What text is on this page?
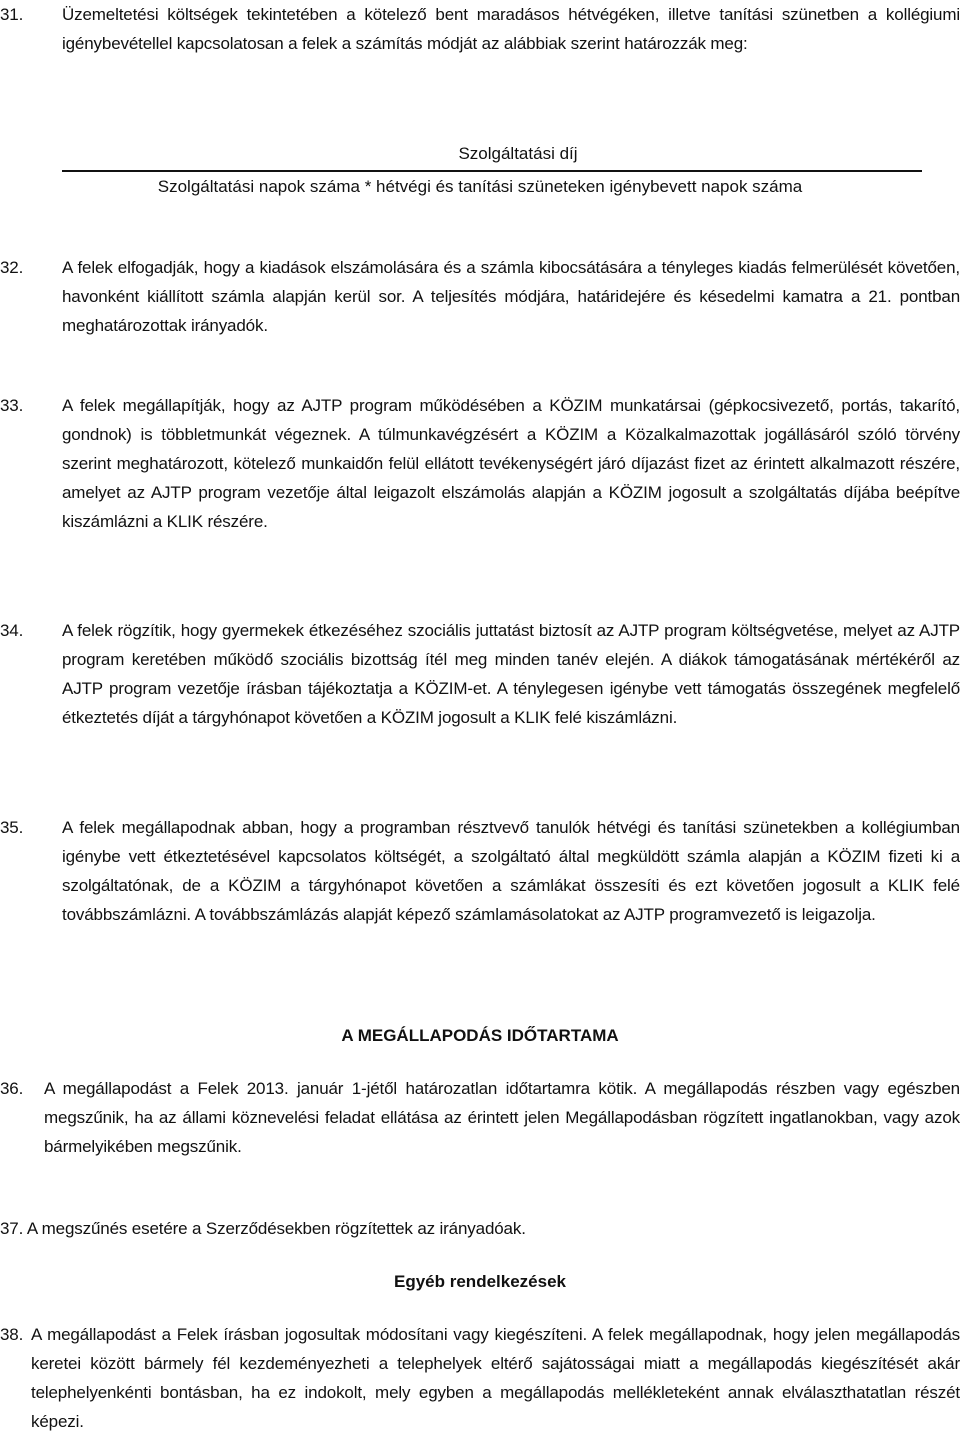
31.	Üzemeltetési költségek tekintetében a kötelező bent maradásos hétvégéken, illetve tanítási szünetben a kollégiumi igénybevétellel kapcsolatosan a felek a számítás módját az alábbiak szerint határozzák meg:
Szolgáltatási díj
Szolgáltatási napok száma * hétvégi és tanítási szüneteken igénybevett napok száma
32.	A felek elfogadják, hogy a kiadások elszámolására és a számla kibocsátására a tényleges kiadás felmerülését követően, havonként kiállított számla alapján kerül sor. A teljesítés módjára, határidejére és késedelmi kamatra a 21. pontban meghatározottak irányadók.
33.	A felek megállapítják, hogy az AJTP program működésében a KÖZIM munkatársai (gépkocsivezető, portás, takarító, gondnok) is többletmunkát végeznek. A túlmunkavégzésért a KÖZIM a Közalkalmazottak jogállásáról szóló törvény szerint meghatározott, kötelező munkaidőn felül ellátott tevékenységért járó díjazást fizet az érintett alkalmazott részére, amelyet az AJTP program vezetője által leigazolt elszámolás alapján a KÖZIM jogosult a szolgáltatás díjába beépítve kiszámlázni a KLIK részére.
34.	A felek rögzítik, hogy gyermekek étkezéséhez szociális juttatást biztosít az AJTP program költségvetése, melyet az AJTP program keretében működő szociális bizottság ítél meg minden tanév elején. A diákok támogatásának mértékéről az AJTP program vezetője írásban tájékoztatja a KÖZIM-et. A ténylegesen igénybe vett támogatás összegének megfelelő étkeztetés díját a tárgyhónapot követően a KÖZIM jogosult a KLIK felé kiszámlázni.
35.	A felek megállapodnak abban, hogy a programban résztvevő tanulók hétvégi és tanítási szünetekben a kollégiumban igénybe vett étkeztetésével kapcsolatos költségét, a szolgáltató által megküldött számla alapján a KÖZIM fizeti ki a szolgáltatónak, de a KÖZIM a tárgyhónapot követően a számlákat összesíti és ezt követően jogosult a KLIK felé továbbszámlázni. A továbbszámlázás alapját képező számlamásolatokat az AJTP programvezető is leigazolja.
A MEGÁLLAPODÁS IDŐTARTAMA
36.	A megállapodást a Felek 2013. január 1-jétől határozatlan időtartamra kötik. A megállapodás részben vagy egészben megszűnik, ha az állami köznevelési feladat ellátása az érintett jelen Megállapodásban rögzített ingatlanokban, vagy azok bármelyikében megszűnik.
37. A megszűnés esetére a Szerződésekben rögzítettek az irányadóak.
Egyéb rendelkezések
38. A megállapodást a Felek írásban jogosultak módosítani vagy kiegészíteni. A felek megállapodnak, hogy jelen megállapodás keretei között bármely fél kezdeményezheti a telephelyek eltérő sajátosságai miatt a megállapodás kiegészítését akár telephelyenkénti bontásban, ha ez indokolt, mely egyben a megállapodás mellékleteként annak elválaszthatatlan részét képezi.
